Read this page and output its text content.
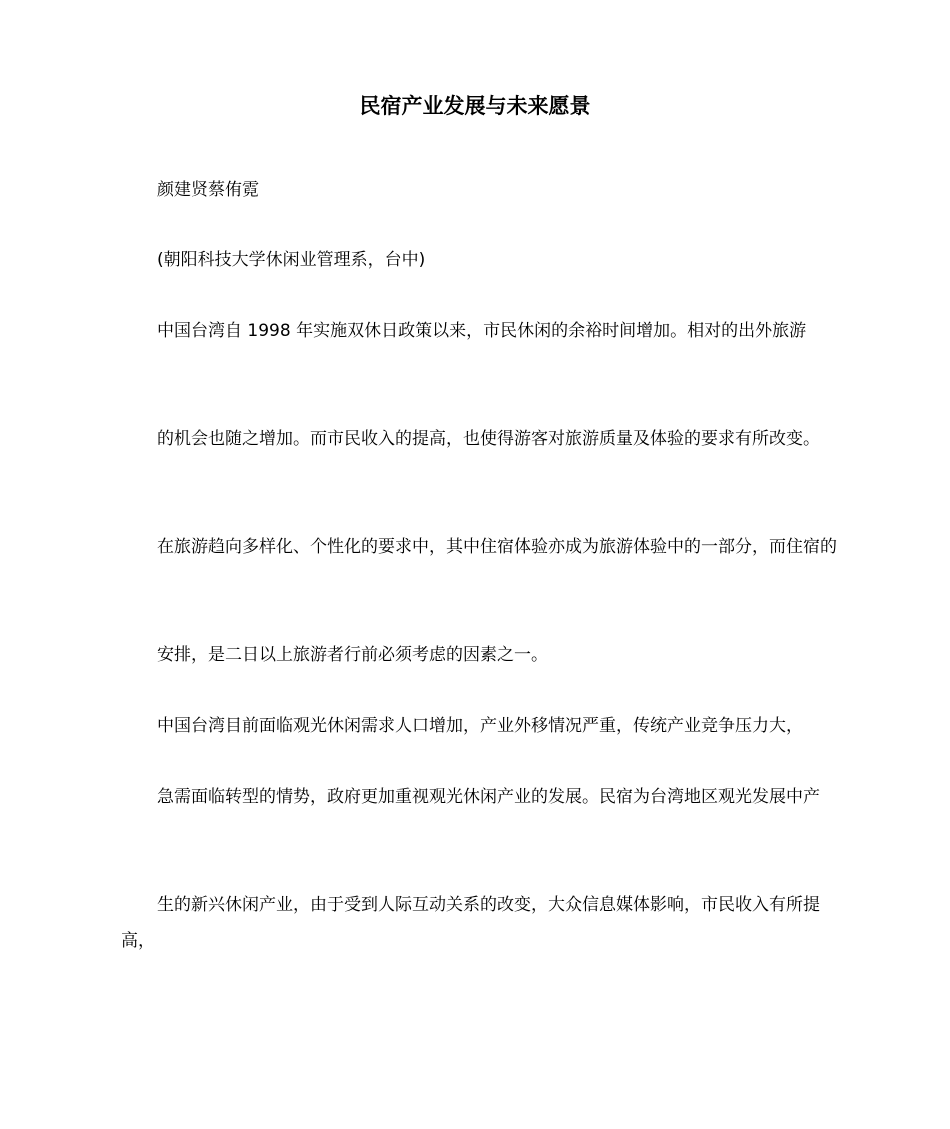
民宿产业发展与未来愿景

颜建贤蔡侑霓

(朝阳科技大学休闲业管理系，台中)

中国台湾自 1998 年实施双休日政策以来，市民休闲的余裕时间增加。相对的出外旅游

的机会也随之增加。而市民收入的提高，也使得游客对旅游质量及体验的要求有所改变。

在旅游趋向多样化、个性化的要求中，其中住宿体验亦成为旅游体验中的一部分，而住宿的

安排，是二日以上旅游者行前必须考虑的因素之一。

中国台湾目前面临观光休闲需求人口增加，产业外移情况严重，传统产业竞争压力大，

急需面临转型的情势，政府更加重视观光休闲产业的发展。民宿为台湾地区观光发展中产

生的新兴休闲产业，由于受到人际互动关系的改变，大众信息媒体影响，市民收入有所提高，
